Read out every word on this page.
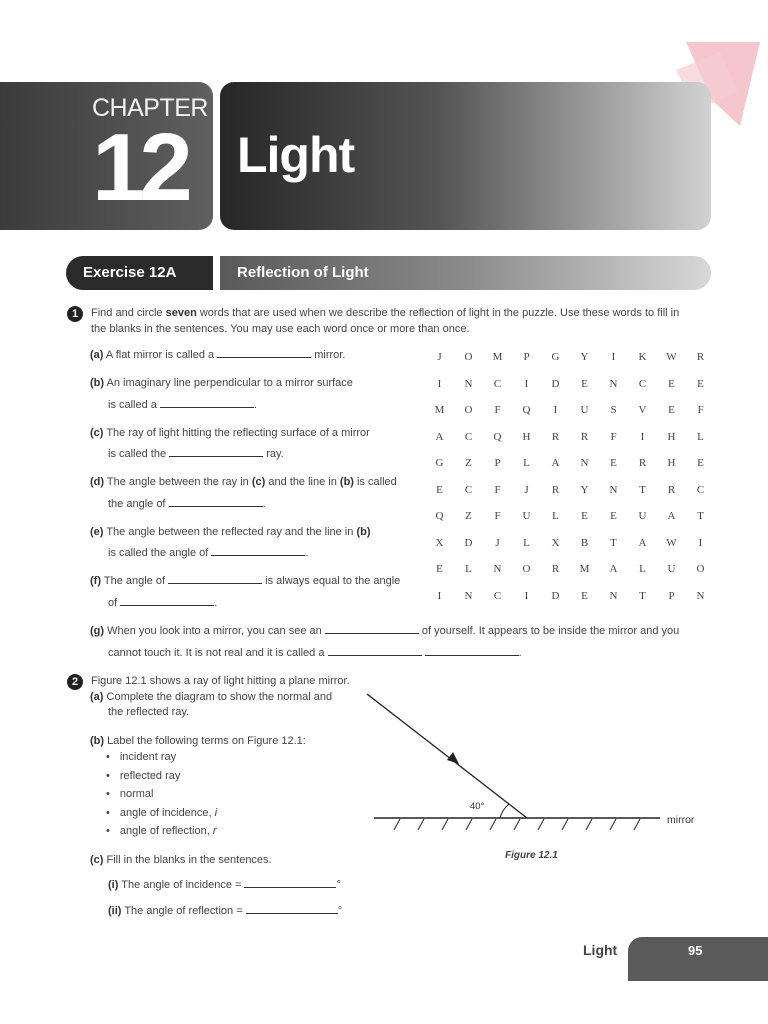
CHAPTER
12 Light
Exercise 12A	Reflection of Light
1	Find and circle seven words that are used when we describe the reflection of light in the puzzle. Use these words to fill in
the blanks in the sentences. You may use each word once or more than once.
(a) A flat mirror is called a	mirror.
(b) An imaginary line perpendicular to a mirror surface
is called a	.
(c) The ray of light hitting the reflecting surface of a mirror
is called the	ray.
(d) The angle between the ray in (c) and the line in (b) is called
the angle of	.
(e) The angle between the reflected ray and the line in (b)
is called the angle of	.
(f) The angle of	is always equal to the angle
of	.
(g) When you look into a mirror, you can see an	of yourself. It appears to be inside the mirror and you
cannot touch it. It is not real and it is called a	.
J	O	M	P	G	Y	I	K	W	R
I	N	C	I	D	E	N	C	E	E
M	O	F	Q	I	U	S	V	E	F
A	C	Q	H	R	R	F	I	H	L
G	Z	P	L	A	N	E	R	H	E
E	C	F	J	R	Y	N	T	R	C
Q	Z	F	U	L	E	E	U	A	T
X	D	J	L	X	B	T	A	W	I
E	L	N	O	R	M	A	L	U	O
I	N	C	I	D	E	N	T	P	N
2	Figure 12.1 shows a ray of light hitting a plane mirror.
(a) Complete the diagram to show the normal and
the reflected ray.
(b) Label the following terms on Figure 12.1:
• incident ray
• reflected ray
• normal
• angle of incidence, i
• angle of reflection, r
(c) Fill in the blanks in the sentences.
(i) The angle of incidence =	°
(ii) The angle of reflection =	°
40°
mirror
Figure 12.1
Light	95
